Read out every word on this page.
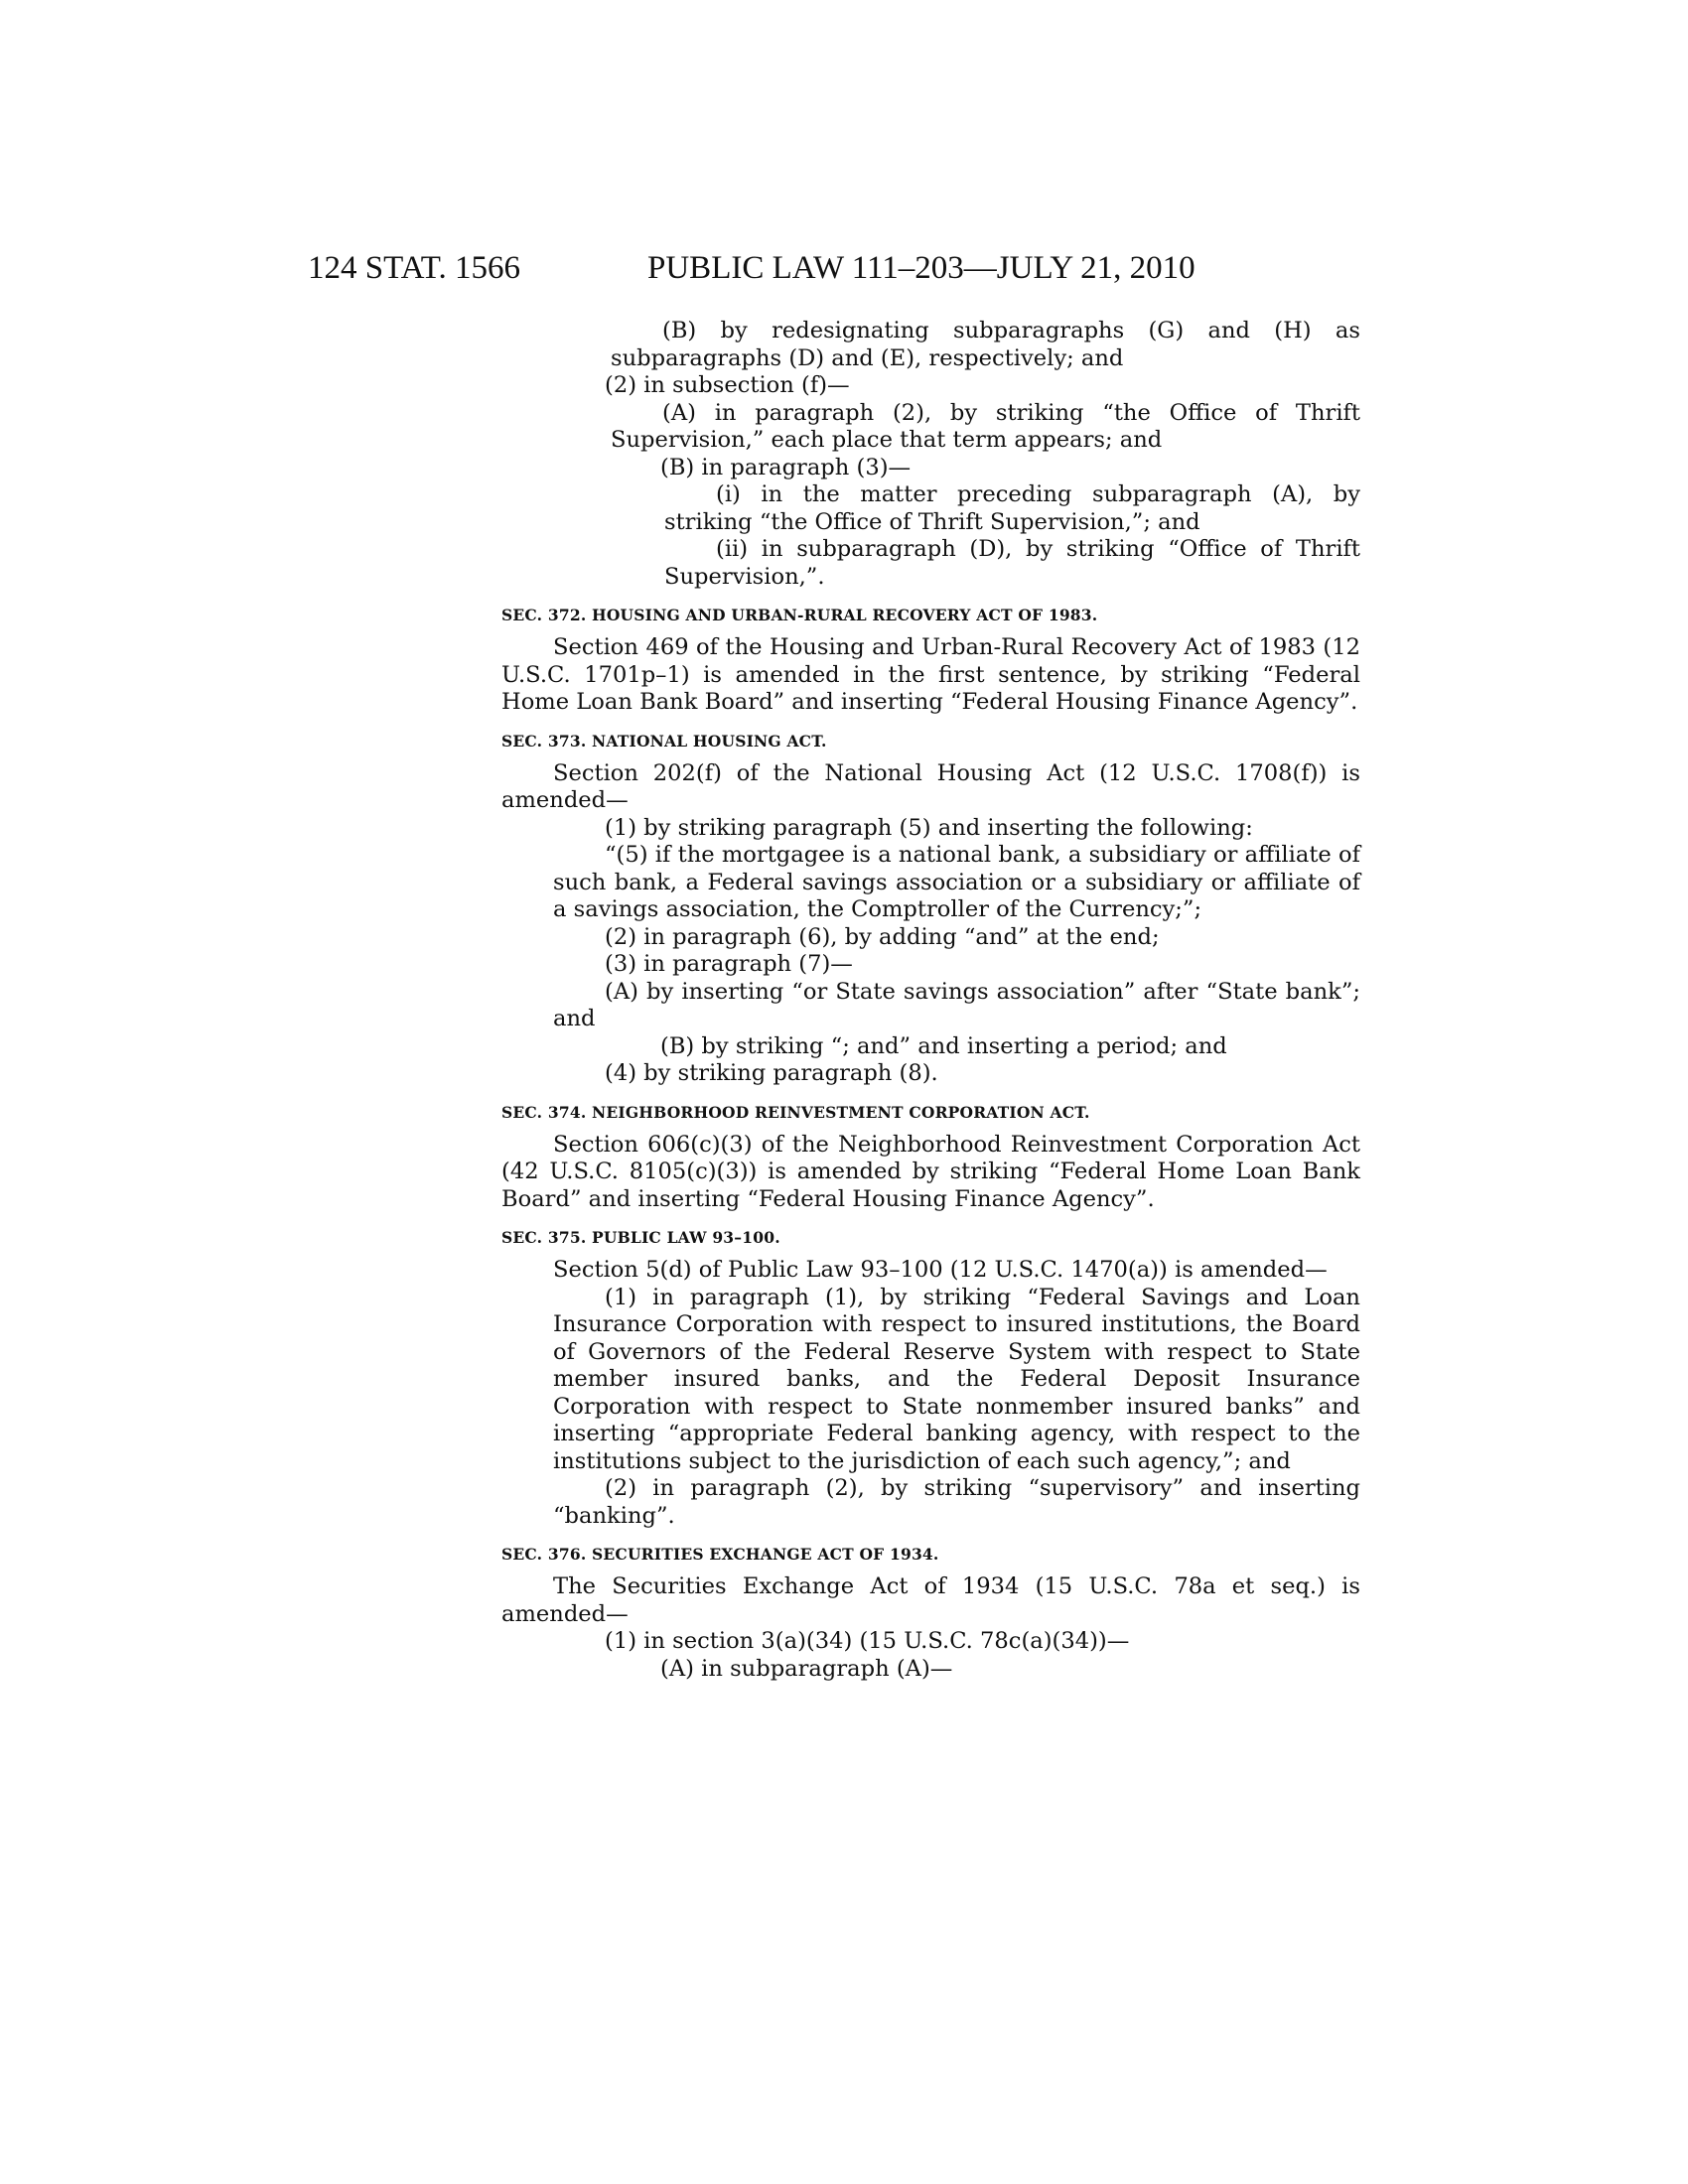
124 STAT. 1566	PUBLIC LAW 111–203—JULY 21, 2010

(B) by redesignating subparagraphs (G) and (H) as subparagraphs (D) and (E), respectively; and

(2) in subsection (f)—

(A) in paragraph (2), by striking “the Office of Thrift Supervision,” each place that term appears; and

(B) in paragraph (3)—

(i) in the matter preceding subparagraph (A), by striking “the Office of Thrift Supervision,”; and

(ii) in subparagraph (D), by striking “Office of Thrift Supervision,”.

SEC. 372. HOUSING AND URBAN-RURAL RECOVERY ACT OF 1983.

Section 469 of the Housing and Urban-Rural Recovery Act of 1983 (12 U.S.C. 1701p–1) is amended in the first sentence, by striking “Federal Home Loan Bank Board” and inserting “Federal Housing Finance Agency”.

SEC. 373. NATIONAL HOUSING ACT.

Section 202(f) of the National Housing Act (12 U.S.C. 1708(f)) is amended—

(1) by striking paragraph (5) and inserting the following:

“(5) if the mortgagee is a national bank, a subsidiary or affiliate of such bank, a Federal savings association or a subsidiary or affiliate of a savings association, the Comptroller of the Currency;”;

(2) in paragraph (6), by adding “and” at the end;

(3) in paragraph (7)—

(A) by inserting “or State savings association” after “State bank”; and

(B) by striking “; and” and inserting a period; and

(4) by striking paragraph (8).

SEC. 374. NEIGHBORHOOD REINVESTMENT CORPORATION ACT.

Section 606(c)(3) of the Neighborhood Reinvestment Corporation Act (42 U.S.C. 8105(c)(3)) is amended by striking “Federal Home Loan Bank Board” and inserting “Federal Housing Finance Agency”.

SEC. 375. PUBLIC LAW 93–100.

Section 5(d) of Public Law 93–100 (12 U.S.C. 1470(a)) is amended—

(1) in paragraph (1), by striking “Federal Savings and Loan Insurance Corporation with respect to insured institutions, the Board of Governors of the Federal Reserve System with respect to State member insured banks, and the Federal Deposit Insurance Corporation with respect to State nonmember insured banks” and inserting “appropriate Federal banking agency, with respect to the institutions subject to the jurisdiction of each such agency,”; and

(2) in paragraph (2), by striking “supervisory” and inserting “banking”.

SEC. 376. SECURITIES EXCHANGE ACT OF 1934.

The Securities Exchange Act of 1934 (15 U.S.C. 78a et seq.) is amended—

(1) in section 3(a)(34) (15 U.S.C. 78c(a)(34))—

(A) in subparagraph (A)—
